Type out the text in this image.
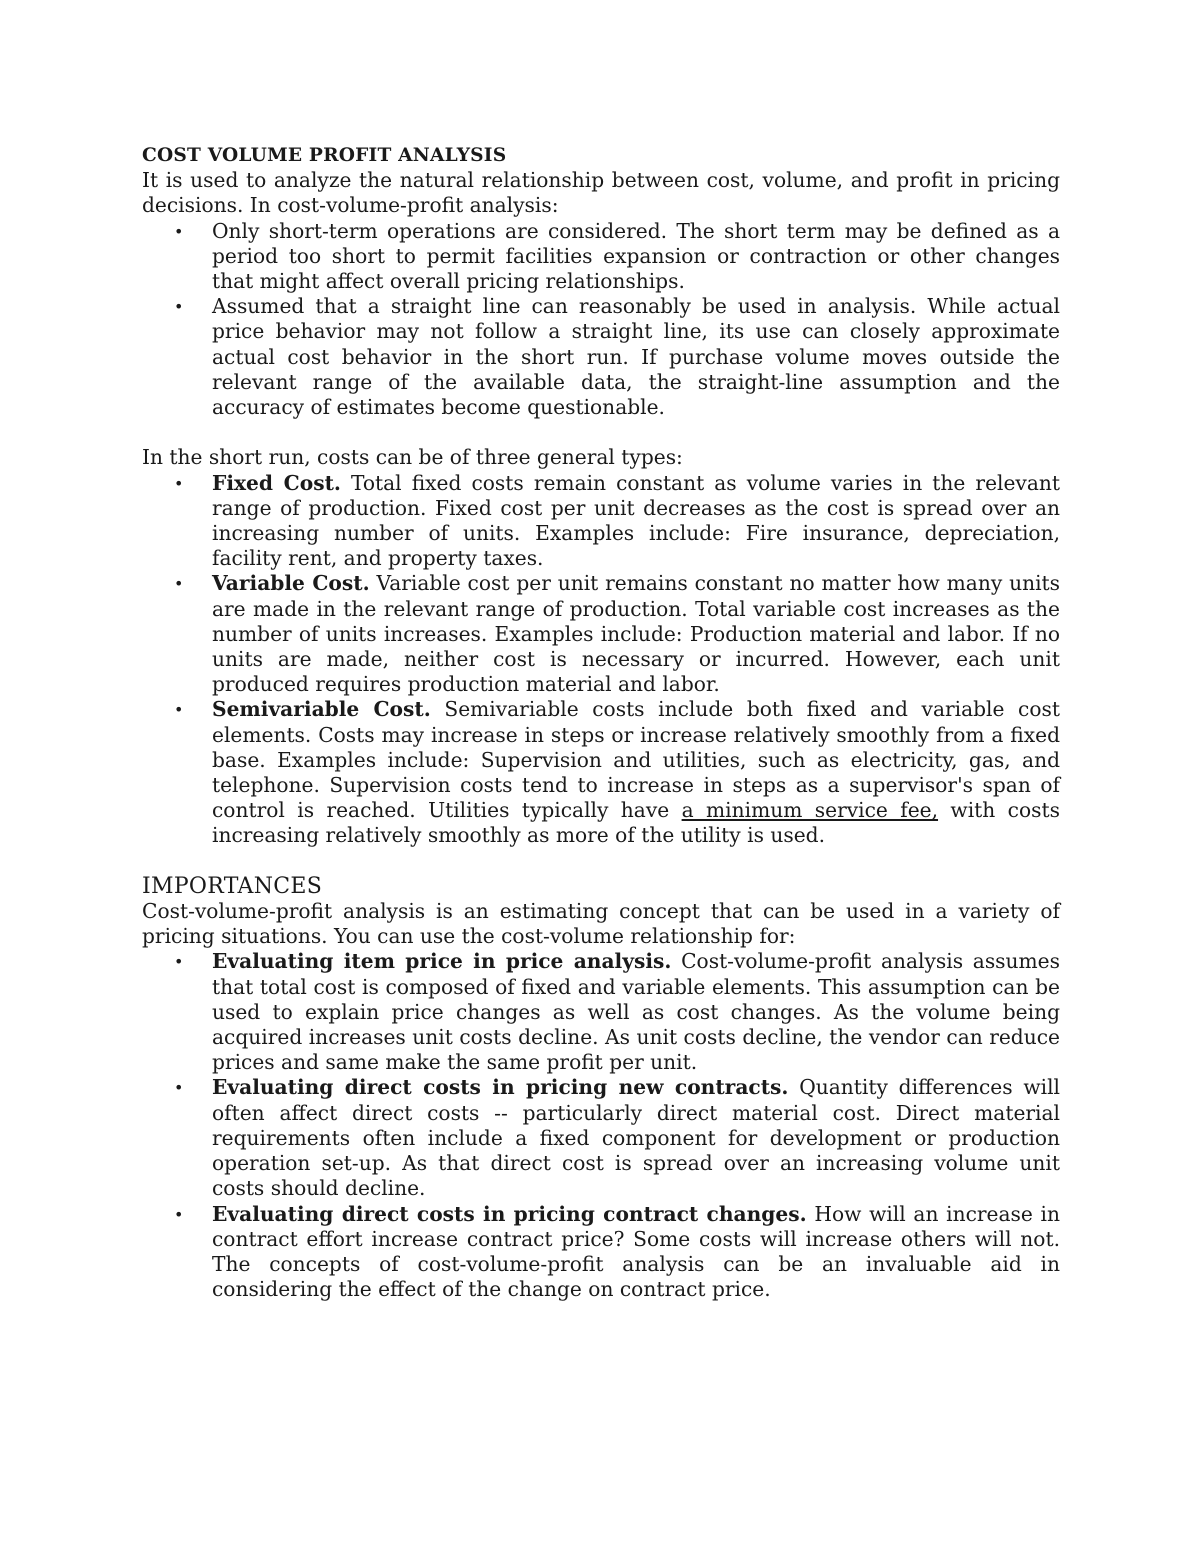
COST VOLUME PROFIT ANALYSIS

It is used to analyze the natural relationship between cost, volume, and profit in pricing decisions. In cost-volume-profit analysis:

• Only short-term operations are considered. The short term may be defined as a period too short to permit facilities expansion or contraction or other changes that might affect overall pricing relationships.
• Assumed that a straight line can reasonably be used in analysis. While actual price behavior may not follow a straight line, its use can closely approximate actual cost behavior in the short run. If purchase volume moves outside the relevant range of the available data, the straight-line assumption and the accuracy of estimates become questionable.

In the short run, costs can be of three general types:

• Fixed Cost. Total fixed costs remain constant as volume varies in the relevant range of production. Fixed cost per unit decreases as the cost is spread over an increasing number of units. Examples include: Fire insurance, depreciation, facility rent, and property taxes.
• Variable Cost. Variable cost per unit remains constant no matter how many units are made in the relevant range of production. Total variable cost increases as the number of units increases. Examples include: Production material and labor. If no units are made, neither cost is necessary or incurred. However, each unit produced requires production material and labor.
• Semivariable Cost. Semivariable costs include both fixed and variable cost elements. Costs may increase in steps or increase relatively smoothly from a fixed base. Examples include: Supervision and utilities, such as electricity, gas, and telephone. Supervision costs tend to increase in steps as a supervisor's span of control is reached. Utilities typically have a minimum service fee, with costs increasing relatively smoothly as more of the utility is used.
IMPORTANCES

Cost-volume-profit analysis is an estimating concept that can be used in a variety of pricing situations. You can use the cost-volume relationship for:

• Evaluating item price in price analysis. Cost-volume-profit analysis assumes that total cost is composed of fixed and variable elements. This assumption can be used to explain price changes as well as cost changes. As the volume being acquired increases unit costs decline. As unit costs decline, the vendor can reduce prices and same make the same profit per unit.
• Evaluating direct costs in pricing new contracts. Quantity differences will often affect direct costs -- particularly direct material cost. Direct material requirements often include a fixed component for development or production operation set-up. As that direct cost is spread over an increasing volume unit costs should decline.
• Evaluating direct costs in pricing contract changes. How will an increase in contract effort increase contract price? Some costs will increase others will not. The concepts of cost-volume-profit analysis can be an invaluable aid in considering the effect of the change on contract price.
